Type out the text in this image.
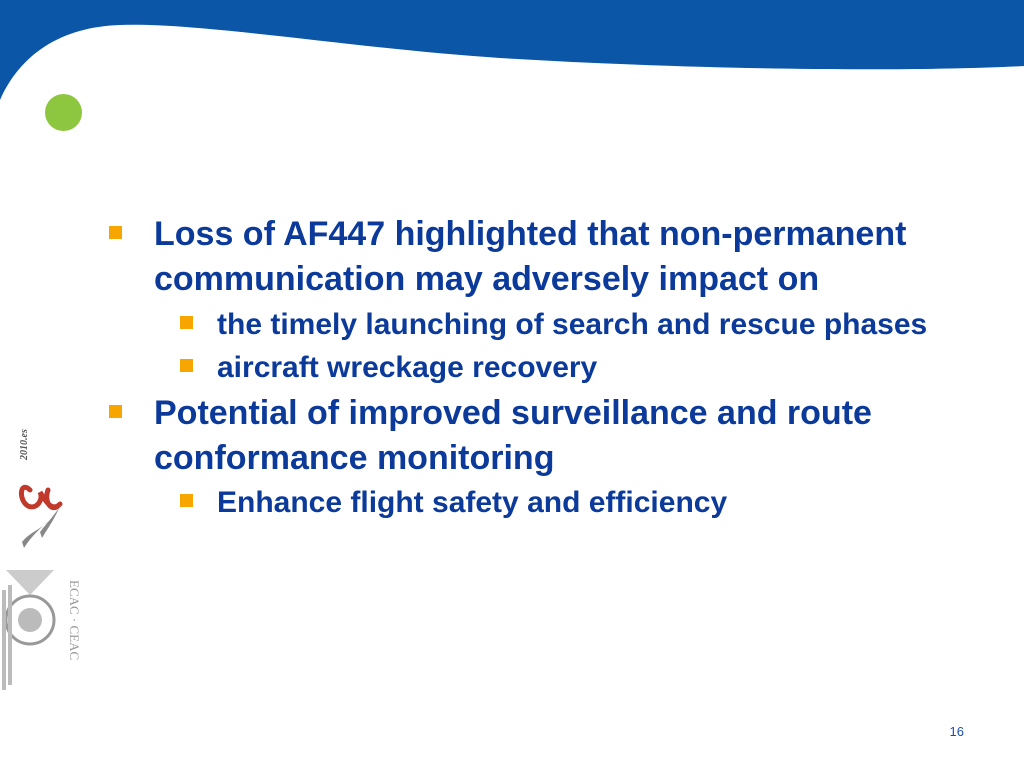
Loss of AF447 highlighted that non-permanent communication may adversely impact on
the timely launching of search and rescue phases
aircraft wreckage recovery
Potential of improved surveillance and route conformance monitoring
Enhance flight safety and efficiency
2010.es
ECAC · CEAC
16
